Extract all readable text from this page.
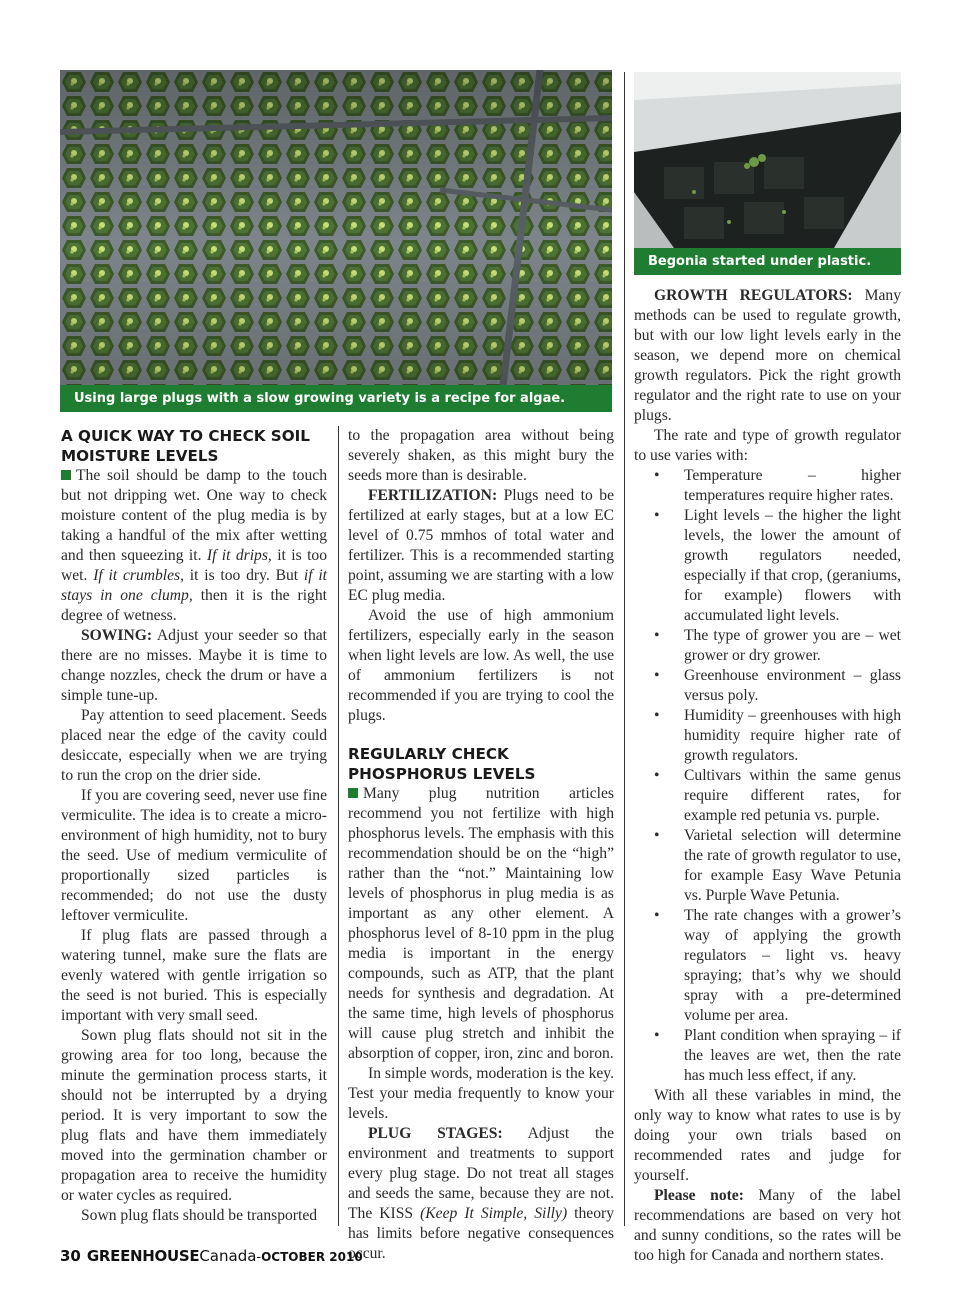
Using large plugs with a slow growing variety is a recipe for algae.
Begonia started under plastic.
A QUICK WAY TO CHECK SOIL
MOISTURE LEVELS

The soil should be damp to the touch but not dripping wet. One way to check moisture content of the plug media is by taking a handful of the mix after wetting and then squeezing it. If it drips, it is too wet. If it crumbles, it is too dry. But if it stays in one clump, then it is the right degree of wetness.

SOWING: Adjust your seeder so that there are no misses. Maybe it is time to change nozzles, check the drum or have a simple tune-up.

Pay attention to seed placement. Seeds placed near the edge of the cavity could desiccate, especially when we are trying to run the crop on the drier side.

If you are covering seed, never use fine vermiculite. The idea is to create a micro-environment of high humidity, not to bury the seed. Use of medium vermiculite of proportionally sized particles is recommended; do not use the dusty leftover vermiculite.

If plug flats are passed through a watering tunnel, make sure the flats are evenly watered with gentle irrigation so the seed is not buried. This is especially important with very small seed.

Sown plug flats should not sit in the growing area for too long, because the minute the germination process starts, it should not be interrupted by a drying period. It is very important to sow the plug flats and have them immediately moved into the germination chamber or propagation area to receive the humidity or water cycles as required.

Sown plug flats should be transported

to the propagation area without being severely shaken, as this might bury the seeds more than is desirable.

FERTILIZATION: Plugs need to be fertilized at early stages, but at a low EC level of 0.75 mmhos of total water and fertilizer. This is a recommended starting point, assuming we are starting with a low EC plug media.

Avoid the use of high ammonium fertilizers, especially early in the season when light levels are low. As well, the use of ammonium fertilizers is not recommended if you are trying to cool the plugs.

REGULARLY CHECK
PHOSPHORUS LEVELS

Many plug nutrition articles recommend you not fertilize with high phosphorus levels. The emphasis with this recommendation should be on the “high” rather than the “not.” Maintaining low levels of phosphorus in plug media is as important as any other element. A phosphorus level of 8-10 ppm in the plug media is important in the energy compounds, such as ATP, that the plant needs for synthesis and degradation. At the same time, high levels of phosphorus will cause plug stretch and inhibit the absorption of copper, iron, zinc and boron.

In simple words, moderation is the key. Test your media frequently to know your levels.

PLUG STAGES: Adjust the environment and treatments to support every plug stage. Do not treat all stages and seeds the same, because they are not. The KISS (Keep It Simple, Silly) theory has limits before negative consequences occur.

GROWTH REGULATORS: Many methods can be used to regulate growth, but with our low light levels early in the season, we depend more on chemical growth regulators. Pick the right growth regulator and the right rate to use on your plugs.

The rate and type of growth regulator to use varies with:

• Temperature – higher temperatures require higher rates.
• Light levels – the higher the light levels, the lower the amount of growth regulators needed, especially if that crop, (geraniums, for example) flowers with accumulated light levels.
• The type of grower you are – wet grower or dry grower.
• Greenhouse environment – glass versus poly.
• Humidity – greenhouses with high humidity require higher rate of growth regulators.
• Cultivars within the same genus require different rates, for example red petunia vs. purple.
• Varietal selection will determine the rate of growth regulator to use, for example Easy Wave Petunia vs. Purple Wave Petunia.
• The rate changes with a grower’s way of applying the growth regulators – light vs. heavy spraying; that’s why we should spray with a pre-determined volume per area.
• Plant condition when spraying – if the leaves are wet, then the rate has much less effect, if any.

With all these variables in mind, the only way to know what rates to use is by doing your own trials based on recommended rates and judge for yourself.

Please note: Many of the label recommendations are based on very hot and sunny conditions, so the rates will be too high for Canada and northern states.

30 GREENHOUSECanada-OCTOBER 2010
